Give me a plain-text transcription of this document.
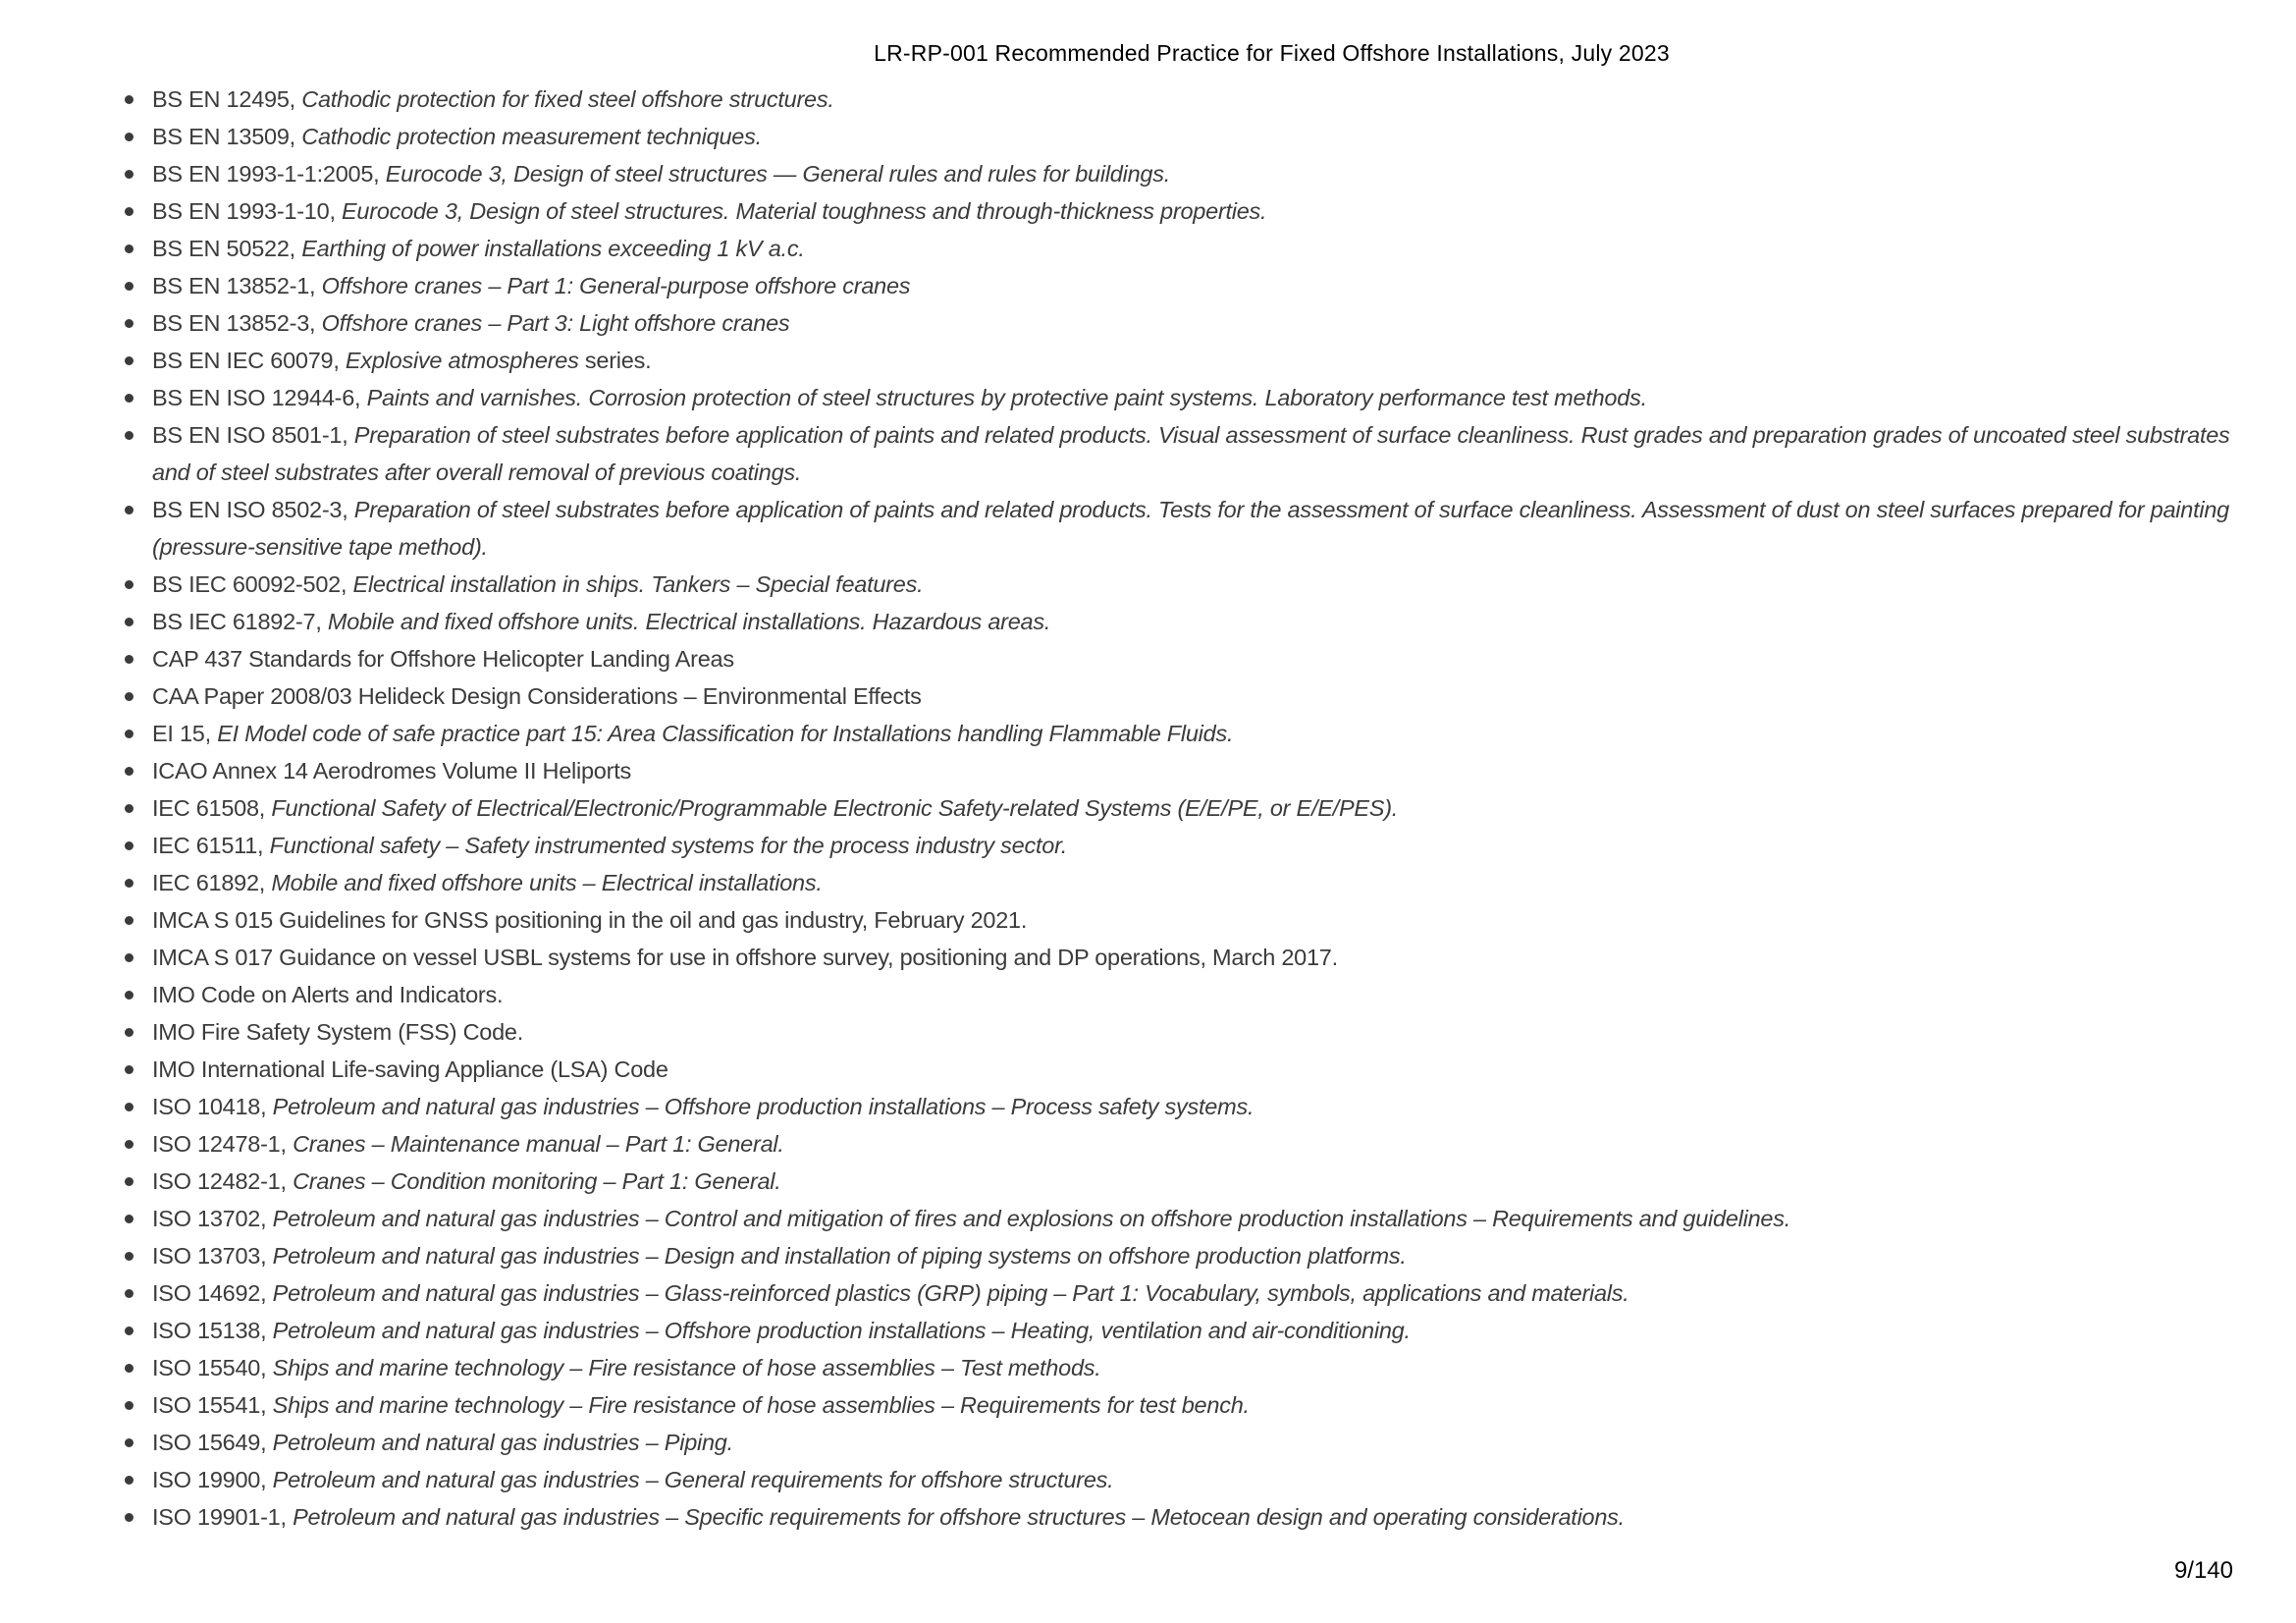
LR-RP-001 Recommended Practice for Fixed Offshore Installations, July 2023
BS EN 12495, Cathodic protection for fixed steel offshore structures.
BS EN 13509, Cathodic protection measurement techniques.
BS EN 1993-1-1:2005, Eurocode 3, Design of steel structures — General rules and rules for buildings.
BS EN 1993-1-10, Eurocode 3, Design of steel structures. Material toughness and through-thickness properties.
BS EN 50522, Earthing of power installations exceeding 1 kV a.c.
BS EN 13852-1, Offshore cranes – Part 1: General-purpose offshore cranes
BS EN 13852-3, Offshore cranes – Part 3: Light offshore cranes
BS EN IEC 60079, Explosive atmospheres series.
BS EN ISO 12944-6, Paints and varnishes. Corrosion protection of steel structures by protective paint systems. Laboratory performance test methods.
BS EN ISO 8501-1, Preparation of steel substrates before application of paints and related products. Visual assessment of surface cleanliness. Rust grades and preparation grades of uncoated steel substrates and of steel substrates after overall removal of previous coatings.
BS EN ISO 8502-3, Preparation of steel substrates before application of paints and related products. Tests for the assessment of surface cleanliness. Assessment of dust on steel surfaces prepared for painting (pressure-sensitive tape method).
BS IEC 60092-502, Electrical installation in ships. Tankers – Special features.
BS IEC 61892-7, Mobile and fixed offshore units. Electrical installations. Hazardous areas.
CAP 437 Standards for Offshore Helicopter Landing Areas
CAA Paper 2008/03 Helideck Design Considerations – Environmental Effects
EI 15, EI Model code of safe practice part 15: Area Classification for Installations handling Flammable Fluids.
ICAO Annex 14 Aerodromes Volume II Heliports
IEC 61508, Functional Safety of Electrical/Electronic/Programmable Electronic Safety-related Systems (E/E/PE, or E/E/PES).
IEC 61511, Functional safety – Safety instrumented systems for the process industry sector.
IEC 61892, Mobile and fixed offshore units – Electrical installations.
IMCA S 015 Guidelines for GNSS positioning in the oil and gas industry, February 2021.
IMCA S 017 Guidance on vessel USBL systems for use in offshore survey, positioning and DP operations, March 2017.
IMO Code on Alerts and Indicators.
IMO Fire Safety System (FSS) Code.
IMO International Life-saving Appliance (LSA) Code
ISO 10418, Petroleum and natural gas industries – Offshore production installations – Process safety systems.
ISO 12478-1, Cranes – Maintenance manual – Part 1: General.
ISO 12482-1, Cranes – Condition monitoring – Part 1: General.
ISO 13702, Petroleum and natural gas industries – Control and mitigation of fires and explosions on offshore production installations – Requirements and guidelines.
ISO 13703, Petroleum and natural gas industries – Design and installation of piping systems on offshore production platforms.
ISO 14692, Petroleum and natural gas industries – Glass-reinforced plastics (GRP) piping – Part 1: Vocabulary, symbols, applications and materials.
ISO 15138, Petroleum and natural gas industries – Offshore production installations – Heating, ventilation and air-conditioning.
ISO 15540, Ships and marine technology – Fire resistance of hose assemblies – Test methods.
ISO 15541, Ships and marine technology – Fire resistance of hose assemblies – Requirements for test bench.
ISO 15649, Petroleum and natural gas industries – Piping.
ISO 19900, Petroleum and natural gas industries – General requirements for offshore structures.
ISO 19901-1, Petroleum and natural gas industries – Specific requirements for offshore structures – Metocean design and operating considerations.
9/140
